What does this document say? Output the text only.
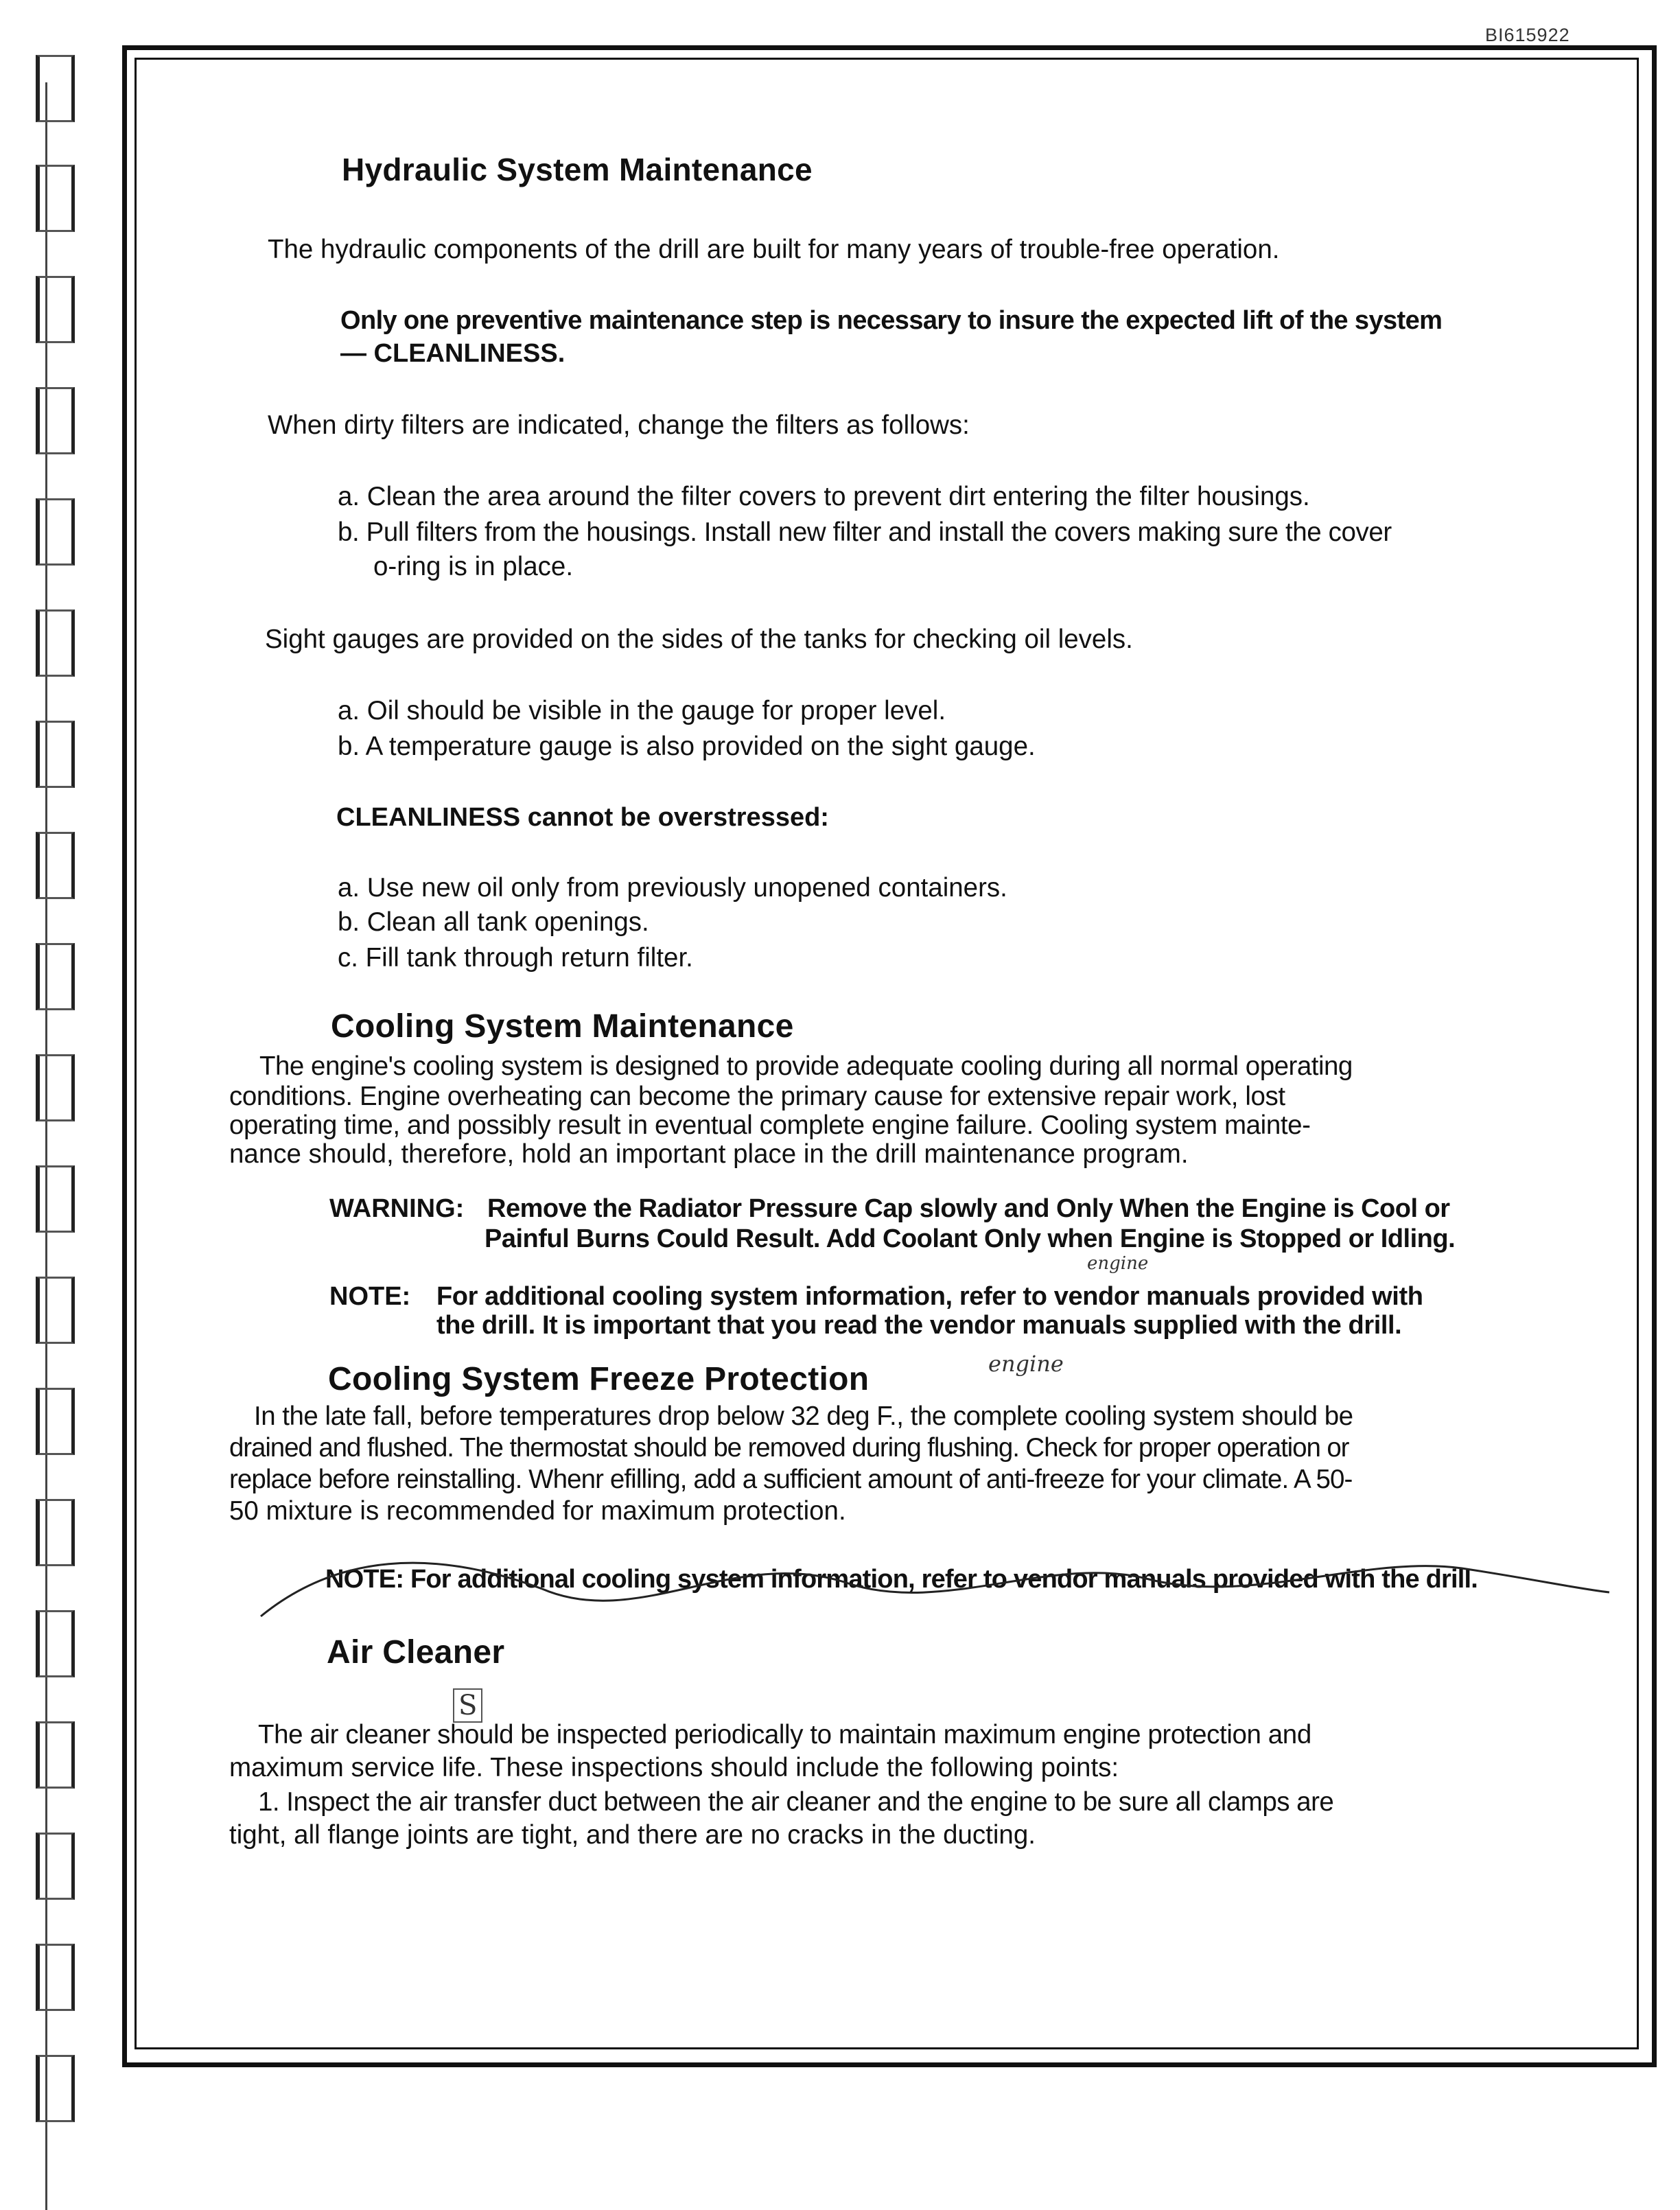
BI615922
Hydraulic System Maintenance
The hydraulic components of the drill are built for many years of trouble-free operation.
Only one preventive maintenance step is necessary to insure the expected lift of the system
— CLEANLINESS.
When dirty filters are indicated, change the filters as follows:
a. Clean the area around the filter covers to prevent dirt entering the filter housings.
b. Pull filters from the housings. Install new filter and install the covers making sure the cover
o-ring is in place.
Sight gauges are provided on the sides of the tanks for checking oil levels.
a. Oil should be visible in the gauge for proper level.
b. A temperature gauge is also provided on the sight gauge.
CLEANLINESS cannot be overstressed:
a. Use new oil only from previously unopened containers.
b. Clean all tank openings.
c. Fill tank through return filter.
Cooling System Maintenance
The engine's cooling system is designed to provide adequate cooling during all normal operating
conditions. Engine overheating can become the primary cause for extensive repair work, lost
operating time, and possibly result in eventual complete engine failure. Cooling system mainte-
nance should, therefore, hold an important place in the drill maintenance program.
WARNING: Remove the Radiator Pressure Cap slowly and Only When the Engine is Cool or
Painful Burns Could Result. Add Coolant Only when Engine is Stopped or Idling.
engine
NOTE: For additional cooling system information, refer to vendor manuals provided with
the drill. It is important that you read the vendor manuals supplied with the drill.
Cooling System Freeze Protection	engine
In the late fall, before temperatures drop below 32 deg F., the complete cooling system should be
drained and flushed. The thermostat should be removed during flushing. Check for proper operation or
replace before reinstalling. Whenr efilling, add a sufficient amount of anti-freeze for your climate. A 50-
50 mixture is recommended for maximum protection.
NOTE: For additional cooling system information, refer to vendor manuals provided with the drill.
Air Cleaner
S
The air cleaner should be inspected periodically to maintain maximum engine protection and
maximum service life. These inspections should include the following points:
1. Inspect the air transfer duct between the air cleaner and the engine to be sure all clamps are
tight, all flange joints are tight, and there are no cracks in the ducting.
